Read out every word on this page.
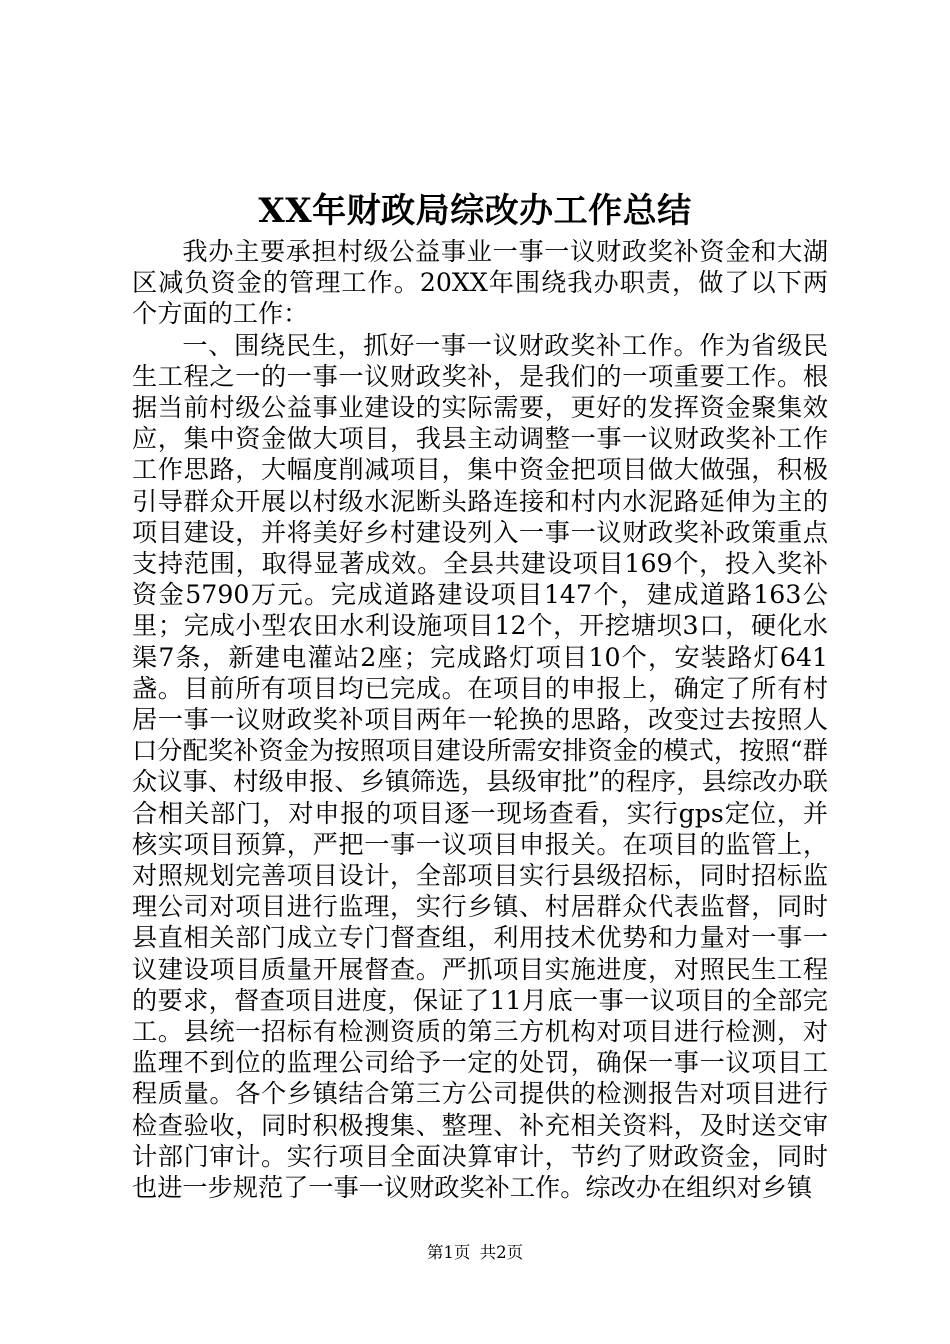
XX年财政局综改办工作总结

我办主要承担村级公益事业一事一议财政奖补资金和大湖区减负资金的管理工作。20XX年围绕我办职责，做了以下两个方面的工作：

一、围绕民生，抓好一事一议财政奖补工作。作为省级民生工程之一的一事一议财政奖补，是我们的一项重要工作。根据当前村级公益事业建设的实际需要，更好的发挥资金聚集效应，集中资金做大项目，我县主动调整一事一议财政奖补工作工作思路，大幅度削减项目，集中资金把项目做大做强，积极引导群众开展以村级水泥断头路连接和村内水泥路延伸为主的项目建设，并将美好乡村建设列入一事一议财政奖补政策重点支持范围，取得显著成效。全县共建设项目169个，投入奖补资金5790万元。完成道路建设项目147个，建成道路163公里；完成小型农田水利设施项目12个，开挖塘坝3口，硬化水渠7条，新建电灌站2座；完成路灯项目10个，安装路灯641盏。目前所有项目均已完成。在项目的申报上，确定了所有村居一事一议财政奖补项目两年一轮换的思路，改变过去按照人口分配奖补资金为按照项目建设所需安排资金的模式，按照“群众议事、村级申报、乡镇筛选，县级审批”的程序，县综改办联合相关部门，对申报的项目逐一现场查看，实行gps定位，并核实项目预算，严把一事一议项目申报关。在项目的监管上，对照规划完善项目设计，全部项目实行县级招标，同时招标监理公司对项目进行监理，实行乡镇、村居群众代表监督，同时县直相关部门成立专门督查组，利用技术优势和力量对一事一议建设项目质量开展督查。严抓项目实施进度，对照民生工程的要求，督查项目进度，保证了11月底一事一议项目的全部完工。县统一招标有检测资质的第三方机构对项目进行检测，对监理不到位的监理公司给予一定的处罚，确保一事一议项目工程质量。各个乡镇结合第三方公司提供的检测报告对项目进行检查验收，同时积极搜集、整理、补充相关资料，及时送交审计部门审计。实行项目全面决算审计，节约了财政资金，同时也进一步规范了一事一议财政奖补工作。综改办在组织对乡镇

第1页 共2页
